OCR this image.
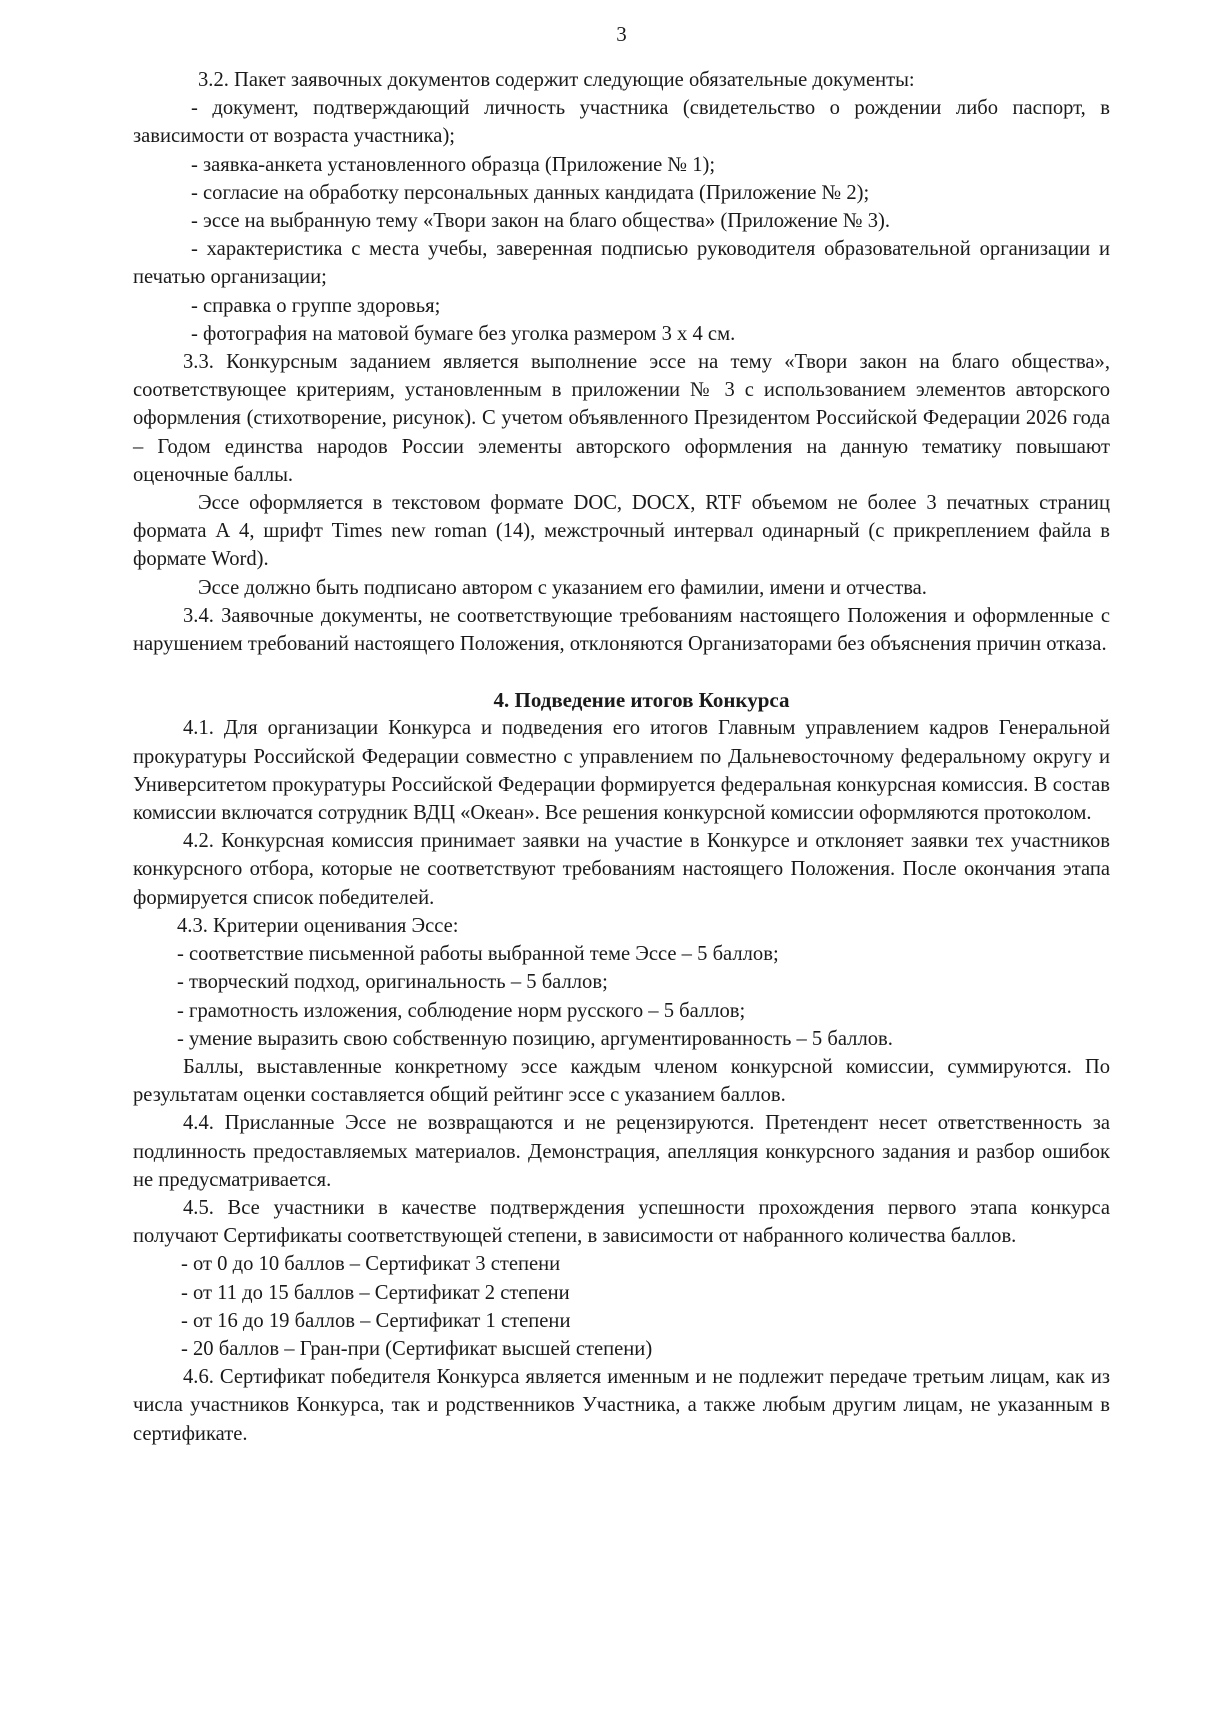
3

3.2. Пакет заявочных документов содержит следующие обязательные документы:

- документ, подтверждающий личность участника (свидетельство о рождении либо паспорт, в зависимости от возраста участника);

- заявка-анкета установленного образца (Приложение № 1);

- согласие на обработку персональных данных кандидата (Приложение № 2);

- эссе на выбранную тему «Твори закон на благо общества» (Приложение № 3).

- характеристика с места учебы, заверенная подписью руководителя образовательной организации и печатью организации;

- справка о группе здоровья;

- фотография на матовой бумаге без уголка размером 3 х 4 см.

3.3. Конкурсным заданием является выполнение эссе на тему «Твори закон на благо общества», соответствующее критериям, установленным в приложении № 3 с использованием элементов авторского оформления (стихотворение, рисунок). С учетом объявленного Президентом Российской Федерации 2026 года – Годом единства народов России элементы авторского оформления на данную тематику повышают оценочные баллы.

Эссе оформляется в текстовом формате DOC, DOCX, RTF объемом не более 3 печатных страниц формата А 4, шрифт Times new roman (14), межстрочный интервал одинарный (с прикреплением файла в формате Word).

Эссе должно быть подписано автором с указанием его фамилии, имени и отчества.

3.4. Заявочные документы, не соответствующие требованиям настоящего Положения и оформленные с нарушением требований настоящего Положения, отклоняются Организаторами без объяснения причин отказа.

4. Подведение итогов Конкурса

4.1. Для организации Конкурса и подведения его итогов Главным управлением кадров Генеральной прокуратуры Российской Федерации совместно с управлением по Дальневосточному федеральному округу и Университетом прокуратуры Российской Федерации формируется федеральная конкурсная комиссия. В состав комиссии включатся сотрудник ВДЦ «Океан». Все решения конкурсной комиссии оформляются протоколом.

4.2. Конкурсная комиссия принимает заявки на участие в Конкурсе и отклоняет заявки тех участников конкурсного отбора, которые не соответствуют требованиям настоящего Положения. После окончания этапа формируется список победителей.

4.3. Критерии оценивания Эссе:

- соответствие письменной работы выбранной теме Эссе – 5 баллов;

- творческий подход, оригинальность – 5 баллов;

- грамотность изложения, соблюдение норм русского – 5 баллов;

- умение выразить свою собственную позицию, аргументированность – 5 баллов.

Баллы, выставленные конкретному эссе каждым членом конкурсной комиссии, суммируются. По результатам оценки составляется общий рейтинг эссе с указанием баллов.

4.4. Присланные Эссе не возвращаются и не рецензируются. Претендент несет ответственность за подлинность предоставляемых материалов. Демонстрация, апелляция конкурсного задания и разбор ошибок не предусматривается.

4.5. Все участники в качестве подтверждения успешности прохождения первого этапа конкурса получают Сертификаты соответствующей степени, в зависимости от набранного количества баллов.

- от 0 до 10 баллов – Сертификат 3 степени

- от 11 до 15 баллов – Сертификат 2 степени

- от 16 до 19 баллов – Сертификат 1 степени

- 20 баллов – Гран-при (Сертификат высшей степени)

4.6. Сертификат победителя Конкурса является именным и не подлежит передаче третьим лицам, как из числа участников Конкурса, так и родственников Участника, а также любым другим лицам, не указанным в сертификате.
